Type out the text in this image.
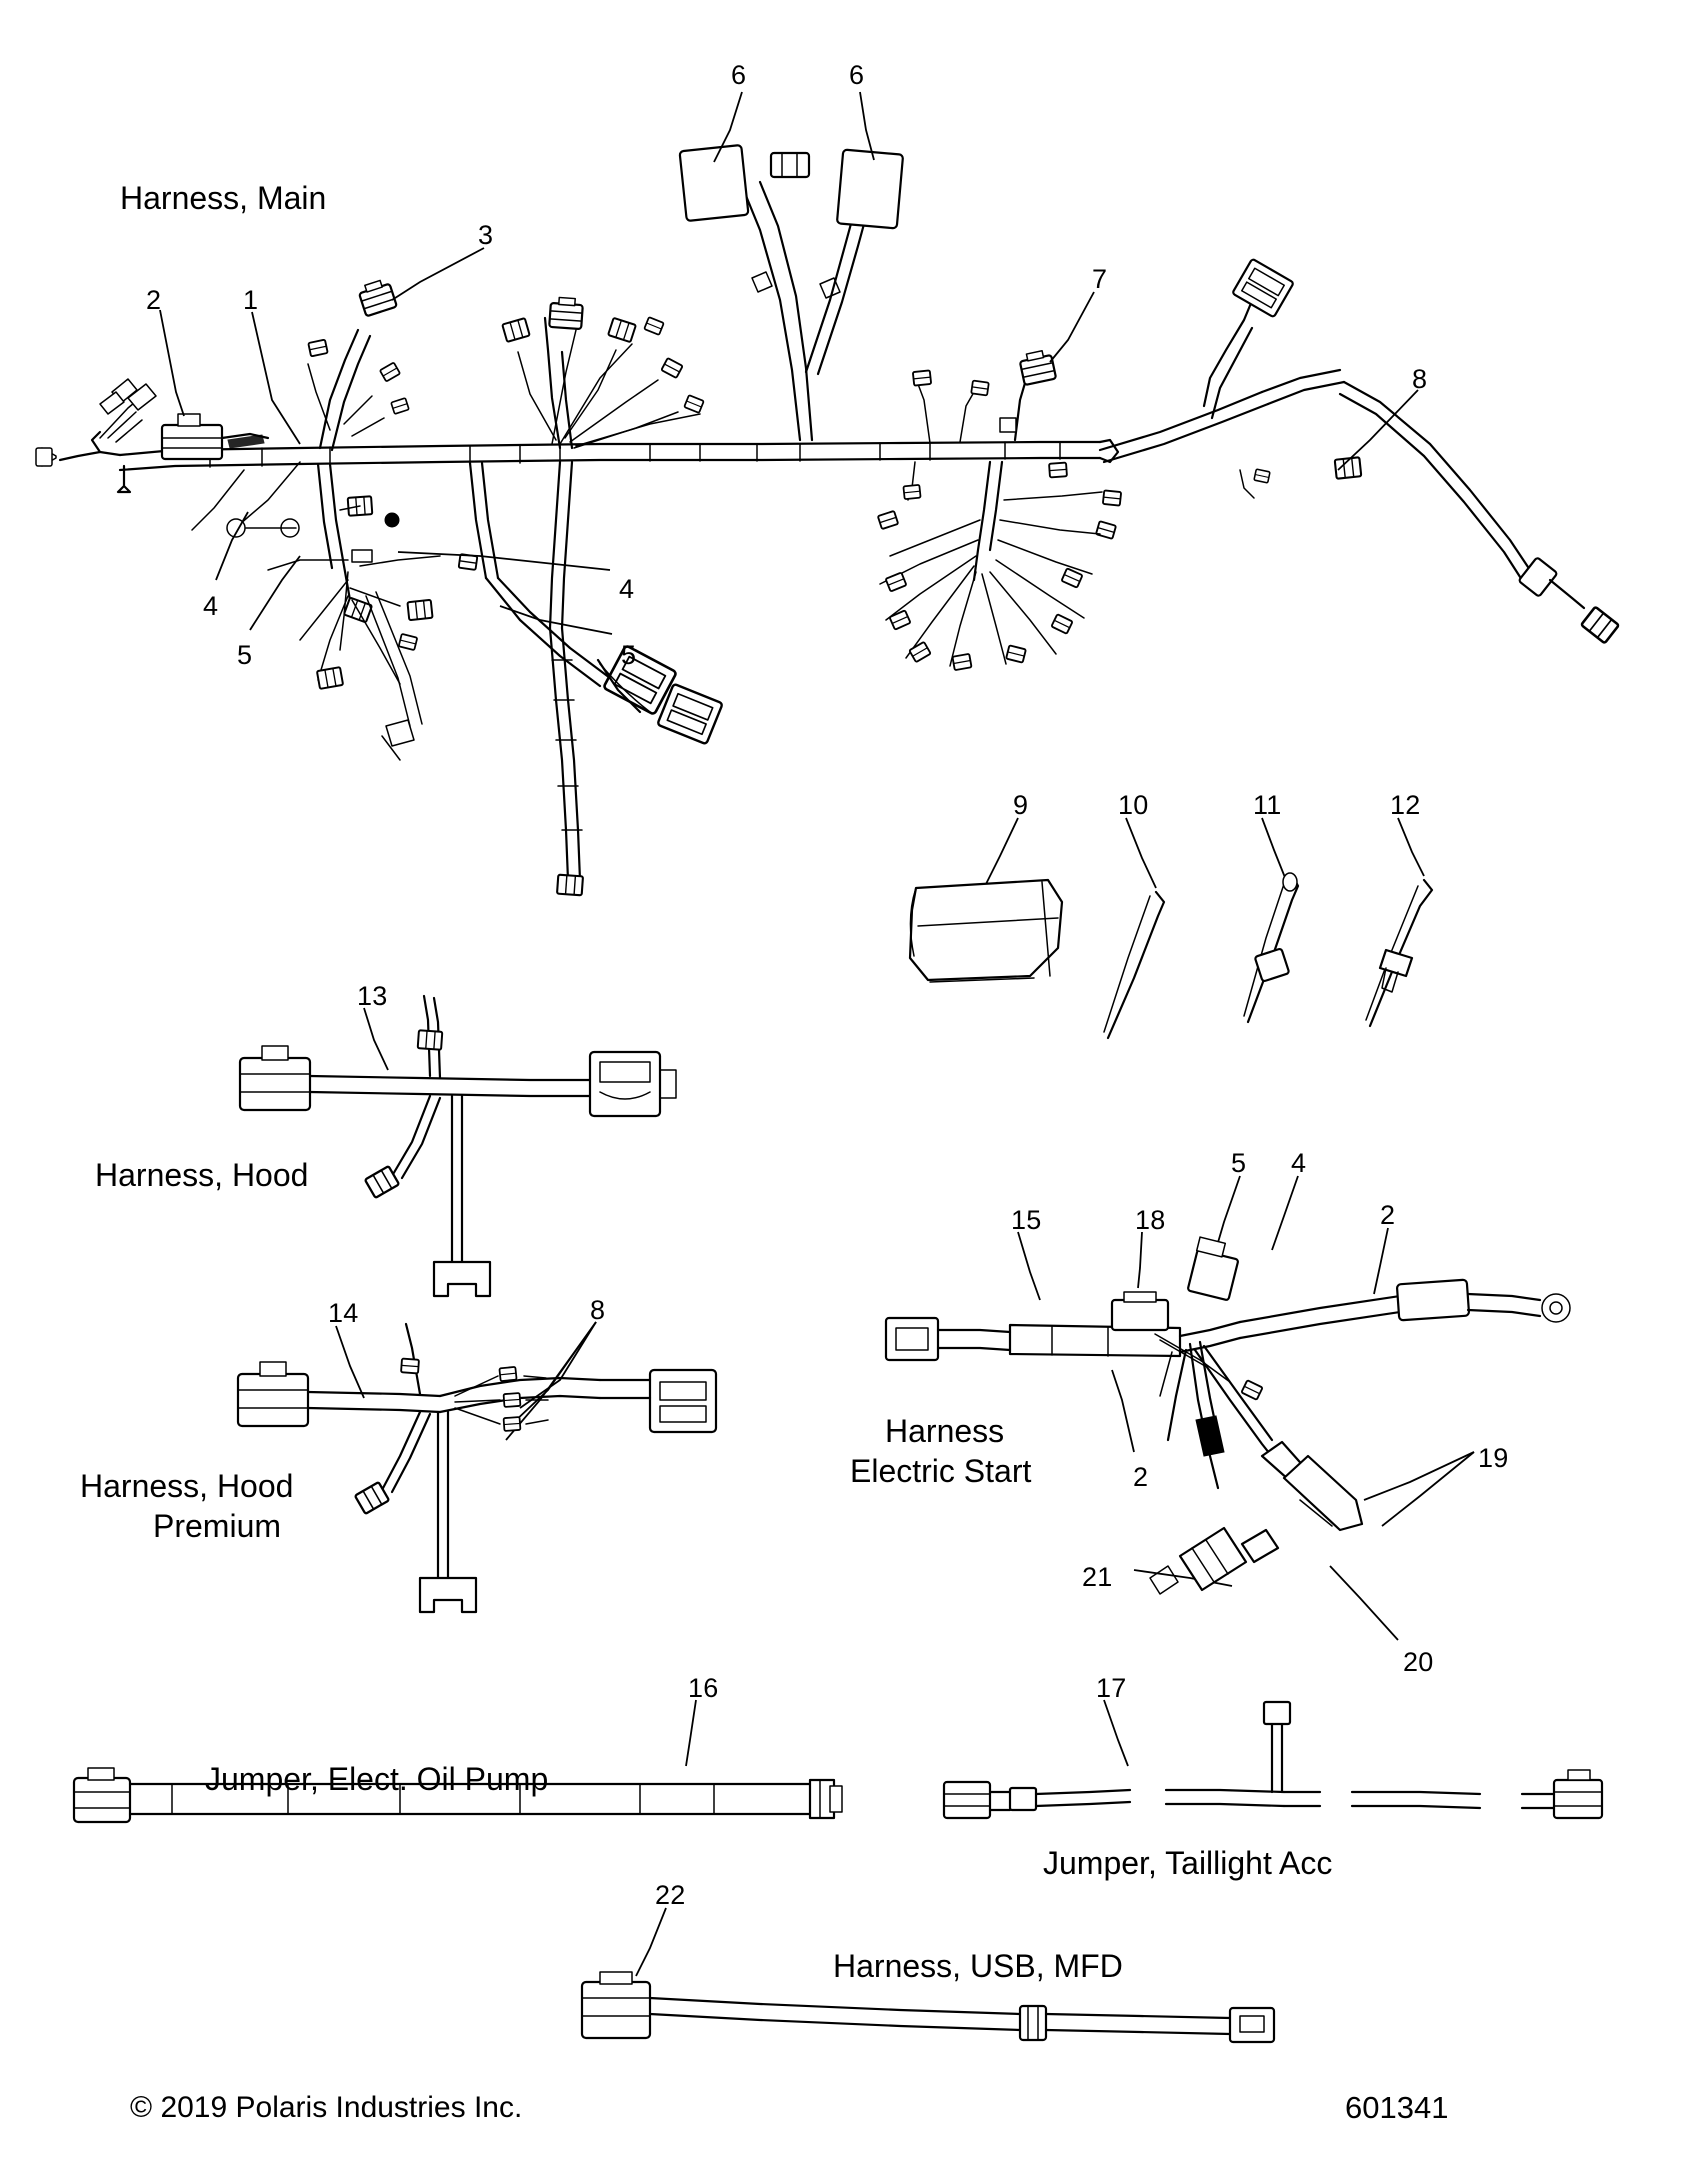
Harness, Main
Harness, Hood
Harness, Hood
Premium
Harness
Electric Start
Jumper, Elect. Oil Pump
Jumper, Taillight Acc
Harness, USB, MFD
6	6
3
2	1
7
8
4
4
5	5
9	10	11	12
13
14	8
5 4
2
15	18
2
19
21
20
16	17
22
© 2019 Polaris Industries Inc.	601341
